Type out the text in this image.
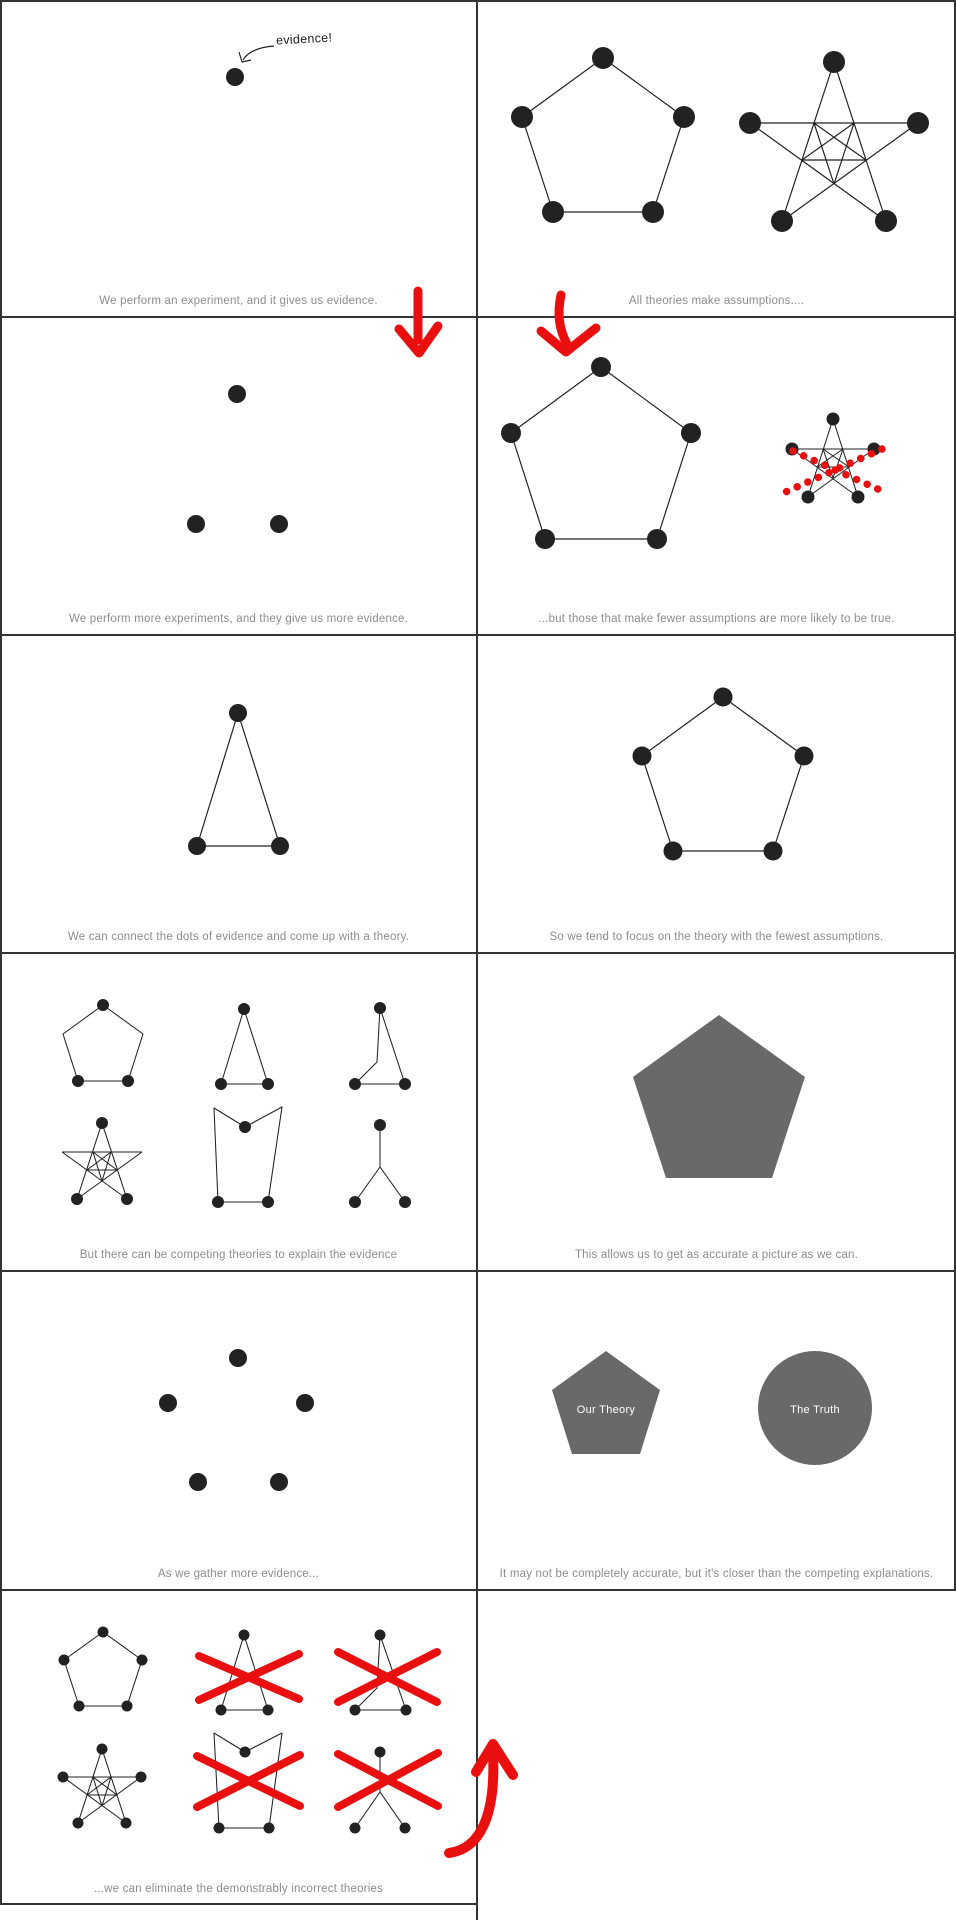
evidence!
We perform an experiment, and it gives us evidence.	All theories make assumptions....
We perform more experiments, and they give us more evidence.	...but those that make fewer assumptions are more likely to be true.
We can connect the dots of evidence and come up with a theory.	So we tend to focus on the theory with the fewest assumptions.
But there can be competing theories to explain the evidence	This allows us to get as accurate a picture as we can.
As we gather more evidence...
Our Theory	The Truth
It may not be completely accurate, but it's closer than the competing explanations.
...we can eliminate the demonstrably incorrect theories
